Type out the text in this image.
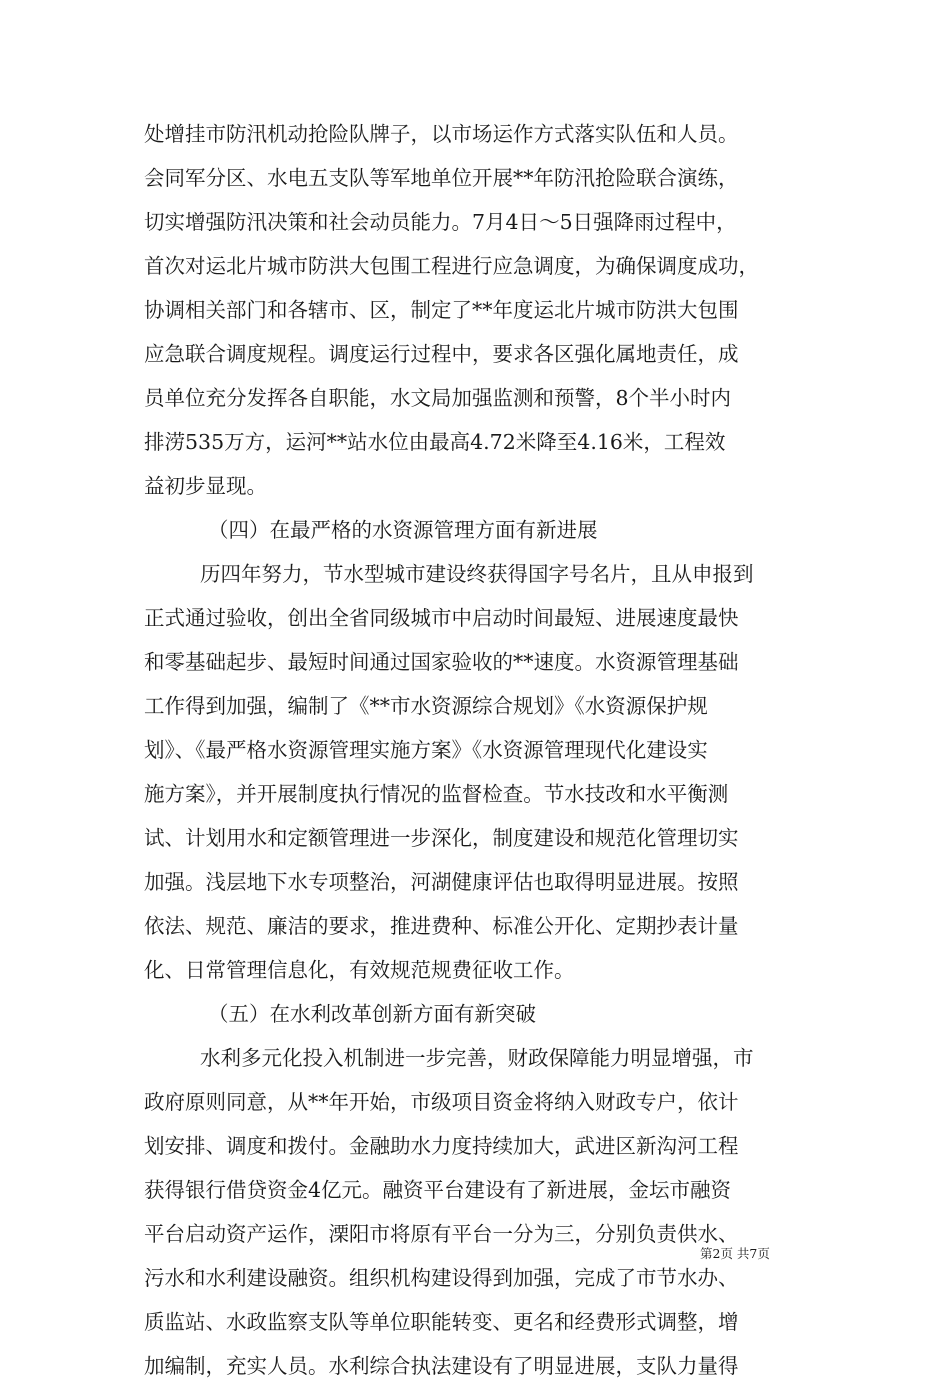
处增挂市防汛机动抢险队牌子，以市场运作方式落实队伍和人员。
会同军分区、水电五支队等军地单位开展**年防汛抢险联合演练，
切实增强防汛决策和社会动员能力。7月4日～5日强降雨过程中，
首次对运北片城市防洪大包围工程进行应急调度，为确保调度成功，
协调相关部门和各辖市、区，制定了**年度运北片城市防洪大包围
应急联合调度规程。调度运行过程中，要求各区强化属地责任，成
员单位充分发挥各自职能，水文局加强监测和预警，8个半小时内
排涝535万方，运河**站水位由最高4.72米降至4.16米，工程效
益初步显现。
（四）在最严格的水资源管理方面有新进展
历四年努力，节水型城市建设终获得国字号名片，且从申报到
正式通过验收，创出全省同级城市中启动时间最短、进展速度最快
和零基础起步、最短时间通过国家验收的**速度。水资源管理基础
工作得到加强，编制了《**市水资源综合规划》《水资源保护规
划》、《最严格水资源管理实施方案》《水资源管理现代化建设实
施方案》，并开展制度执行情况的监督检查。节水技改和水平衡测
试、计划用水和定额管理进一步深化，制度建设和规范化管理切实
加强。浅层地下水专项整治，河湖健康评估也取得明显进展。按照
依法、规范、廉洁的要求，推进费种、标准公开化、定期抄表计量
化、日常管理信息化，有效规范规费征收工作。
（五）在水利改革创新方面有新突破
水利多元化投入机制进一步完善，财政保障能力明显增强，市
政府原则同意，从**年开始，市级项目资金将纳入财政专户，依计
划安排、调度和拨付。金融助水力度持续加大，武进区新沟河工程
获得银行借贷资金4亿元。融资平台建设有了新进展，金坛市融资
平台启动资产运作，溧阳市将原有平台一分为三，分别负责供水、
污水和水利建设融资。组织机构建设得到加强，完成了市节水办、
质监站、水政监察支队等单位职能转变、更名和经费形式调整，增
加编制，充实人员。水利综合执法建设有了明显进展，支队力量得
第2页 共7页
